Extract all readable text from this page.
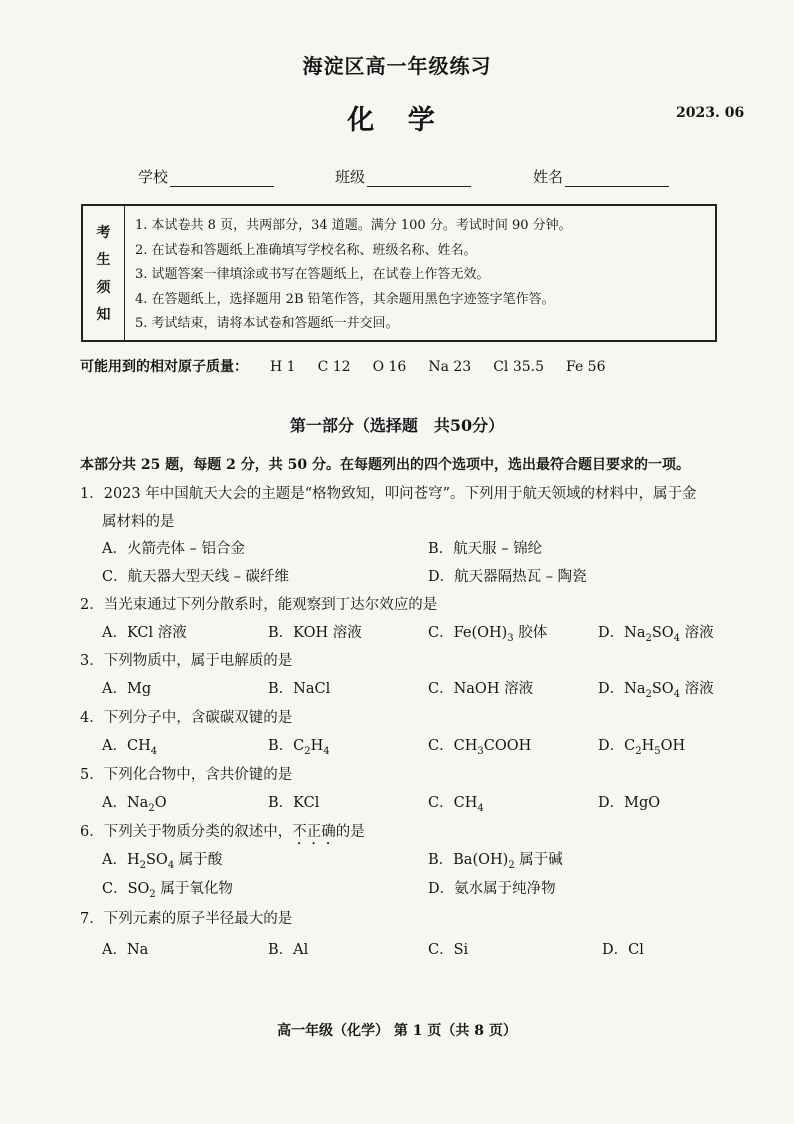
海淀区高一年级练习
化 学	2023. 06
学校	班级	姓名
考
生
须
知
1. 本试卷共 8 页，共两部分，34 道题。满分 100 分。考试时间 90 分钟。
2. 在试卷和答题纸上准确填写学校名称、班级名称、姓名。
3. 试题答案一律填涂或书写在答题纸上，在试卷上作答无效。
4. 在答题纸上，选择题用 2B 铅笔作答，其余题用黑色字迹签字笔作答。
5. 考试结束，请将本试卷和答题纸一并交回。
可能用到的相对原子质量： H 1 C 12 O 16 Na 23 Cl 35.5 Fe 56
第一部分（选择题　共50分）
本部分共 25 题，每题 2 分，共 50 分。在每题列出的四个选项中，选出最符合题目要求的一项。
1．2023 年中国航天大会的主题是“格物致知，叩问苍穹”。下列用于航天领域的材料中，属于金
属材料的是
A．火箭壳体 – 铝合金	B．航天服 – 锦纶
C．航天器大型天线 – 碳纤维	D．航天器隔热瓦 – 陶瓷
2．当光束通过下列分散系时，能观察到丁达尔效应的是
A．KCl 溶液	B．KOH 溶液	C．$Fe(OH)_3$ 胶体	D．$Na_2SO_4$ 溶液
3．下列物质中，属于电解质的是
A．Mg	B．NaCl	C．NaOH 溶液	D．$Na_2SO_4$ 溶液
4．下列分子中，含碳碳双键的是
A．$CH_4$	B．$C_2H_4$	C．$CH_3COOH$	D．$C_2H_5OH$
5．下列化合物中，含共价键的是
A．$Na_2O$	B．KCl	C．$CH_4$	D．MgO
6．下列关于物质分类的叙述中，不正确的是
A．$H_2SO_4$ 属于酸	B．$Ba(OH)_2$ 属于碱
C．$SO_2$ 属于氧化物	D．氨水属于纯净物
7．下列元素的原子半径最大的是
A．Na	B．Al	C．Si	D．Cl
高一年级（化学） 第 1 页（共 8 页）
